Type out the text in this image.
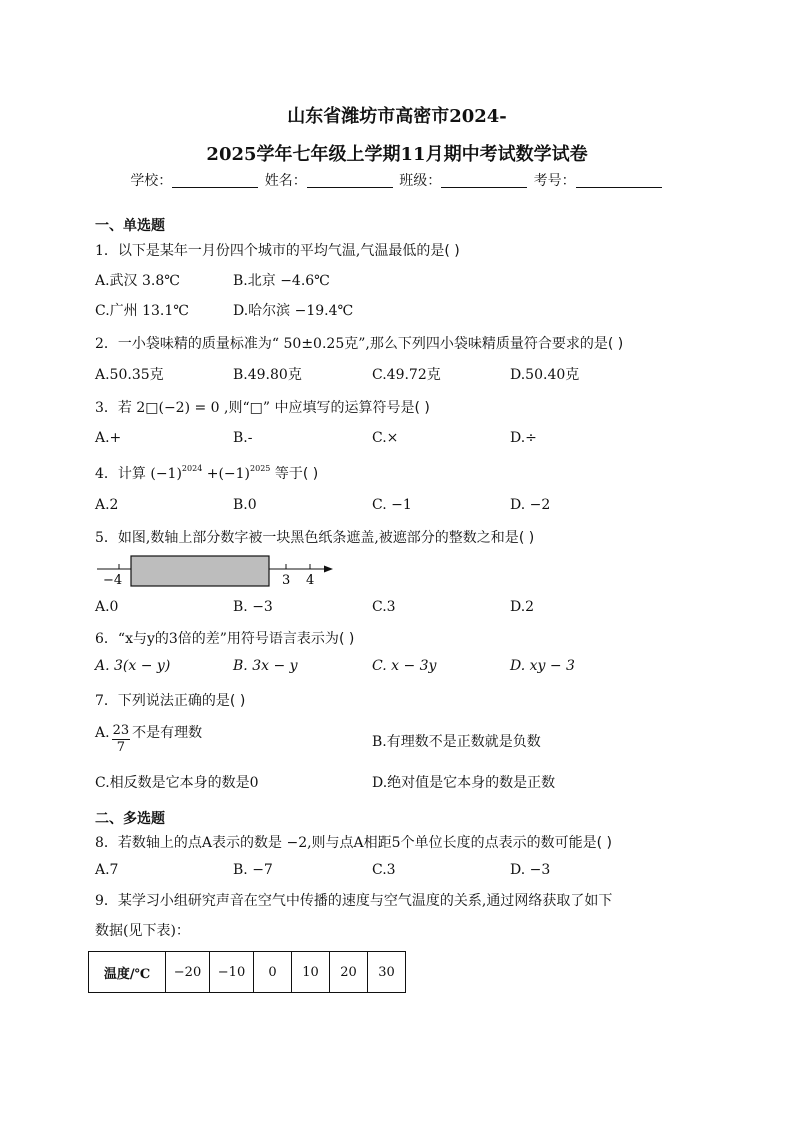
山东省潍坊市高密市2024-
2025学年七年级上学期11月期中考试数学试卷
学校：	姓名：	班级：	考号：
一、单选题
1．以下是某年一月份四个城市的平均气温,气温最低的是( )
A.武汉 3.8℃	B.北京 −4.6℃
C.广州 13.1℃	D.哈尔滨 −19.4℃
2．一小袋味精的质量标准为“ 50±0.25克”,那么下列四小袋味精质量符合要求的是( )
A.50.35克	B.49.80克	C.49.72克	D.50.40克
3．若 2□(−2) = 0 ,则“□” 中应填写的运算符号是( )
A.+	B.-	C.×	D.÷
4．计算 $(-1)^{2024} +(-1)^{2025}$ 等于( )
A.2	B.0	C. −1	D. −2
5．如图,数轴上部分数字被一块黑色纸条遮盖,被遮部分的整数之和是( )
−4	3 4
A.0	B. −3	C.3	D.2
6．“x与y的3倍的差”用符号语言表示为( )
A. 3(x − y)	B. 3x − y	C. x − 3y	D. xy − 3
7．下列说法正确的是( )
A. $\frac{23}{7}$ 不是有理数
B.有理数不是正数就是负数
C.相反数是它本身的数是0	D.绝对值是它本身的数是正数
二、多选题
8．若数轴上的点A表示的数是 −2,则与点A相距5个单位长度的点表示的数可能是( )
A.7	B. −7	C.3	D. −3
9．某学习小组研究声音在空气中传播的速度与空气温度的关系,通过网络获取了如下
数据(见下表)：
温度/℃	−20	−10	0	10	20	30
